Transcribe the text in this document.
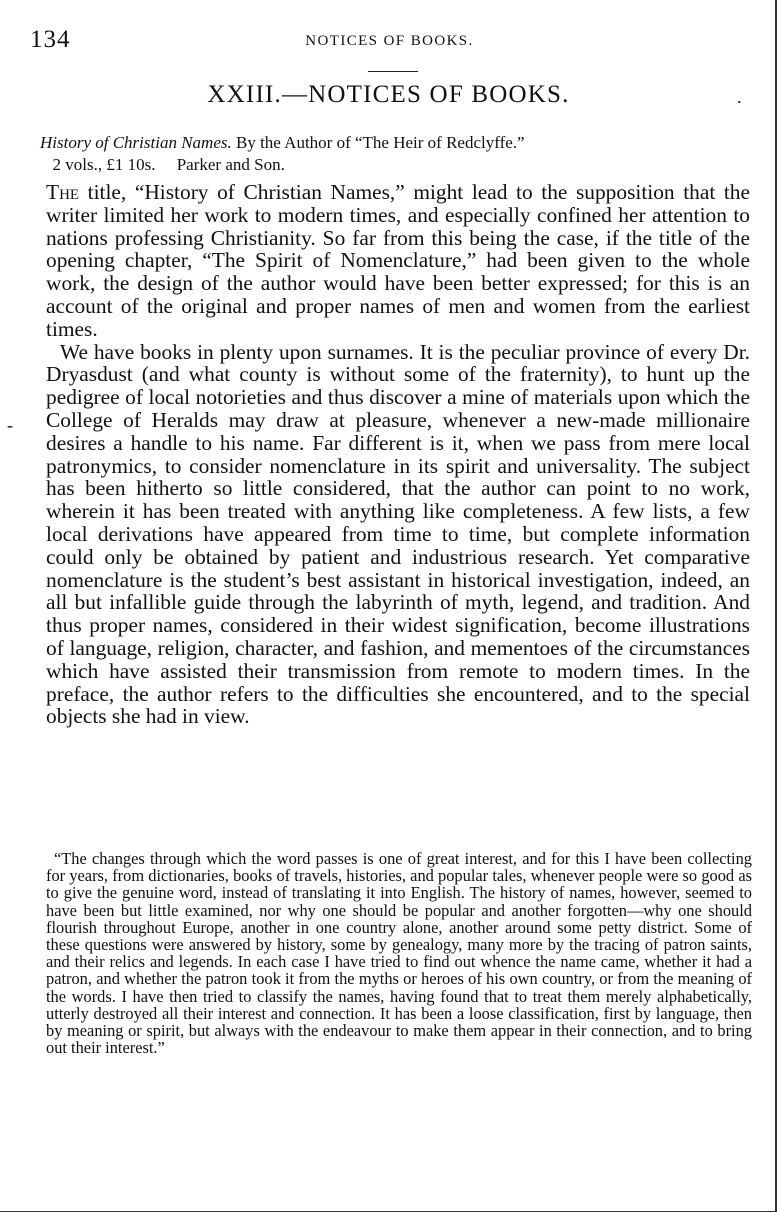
134	NOTICES OF BOOKS.
XXIII.—NOTICES OF BOOKS.	.
-
History of Christian Names. By the Author of “The Heir of Redclyffe.”
2 vols., £1 10s. Parker and Son.

The title, “History of Christian Names,” might lead to the supposition that the writer limited her work to modern times, and especially confined her attention to nations professing Christianity. So far from this being the case, if the title of the opening chapter, “The Spirit of Nomenclature,” had been given to the whole work, the design of the author would have been better expressed; for this is an account of the original and proper names of men and women from the earliest times.

We have books in plenty upon surnames. It is the peculiar province of every Dr. Dryasdust (and what county is without some of the fraternity), to hunt up the pedigree of local notorieties and thus discover a mine of materials upon which the College of Heralds may draw at pleasure, whenever a new-made millionaire desires a handle to his name. Far different is it, when we pass from mere local patronymics, to consider nomenclature in its spirit and universality. The subject has been hitherto so little considered, that the author can point to no work, wherein it has been treated with anything like completeness. A few lists, a few local derivations have appeared from time to time, but complete information could only be obtained by patient and industrious research. Yet comparative nomenclature is the student’s best assistant in historical investigation, indeed, an all but infallible guide through the labyrinth of myth, legend, and tradition. And thus proper names, considered in their widest signification, become illustrations of language, religion, character, and fashion, and mementoes of the circumstances which have assisted their transmission from remote to modern times. In the preface, the author refers to the difficulties she encountered, and to the special objects she had in view.

“The changes through which the word passes is one of great interest, and for this I have been collecting for years, from dictionaries, books of travels, histories, and popular tales, whenever people were so good as to give the genuine word, instead of translating it into English. The history of names, however, seemed to have been but little examined, nor why one should be popular and another forgotten—why one should flourish throughout Europe, another in one country alone, another around some petty district. Some of these questions were answered by history, some by genealogy, many more by the tracing of patron saints, and their relics and legends. In each case I have tried to find out whence the name came, whether it had a patron, and whether the patron took it from the myths or heroes of his own country, or from the meaning of the words. I have then tried to classify the names, having found that to treat them merely alphabetically, utterly destroyed all their interest and connection. It has been a loose classification, first by language, then by meaning or spirit, but always with the endeavour to make them appear in their connection, and to bring out their interest.”
